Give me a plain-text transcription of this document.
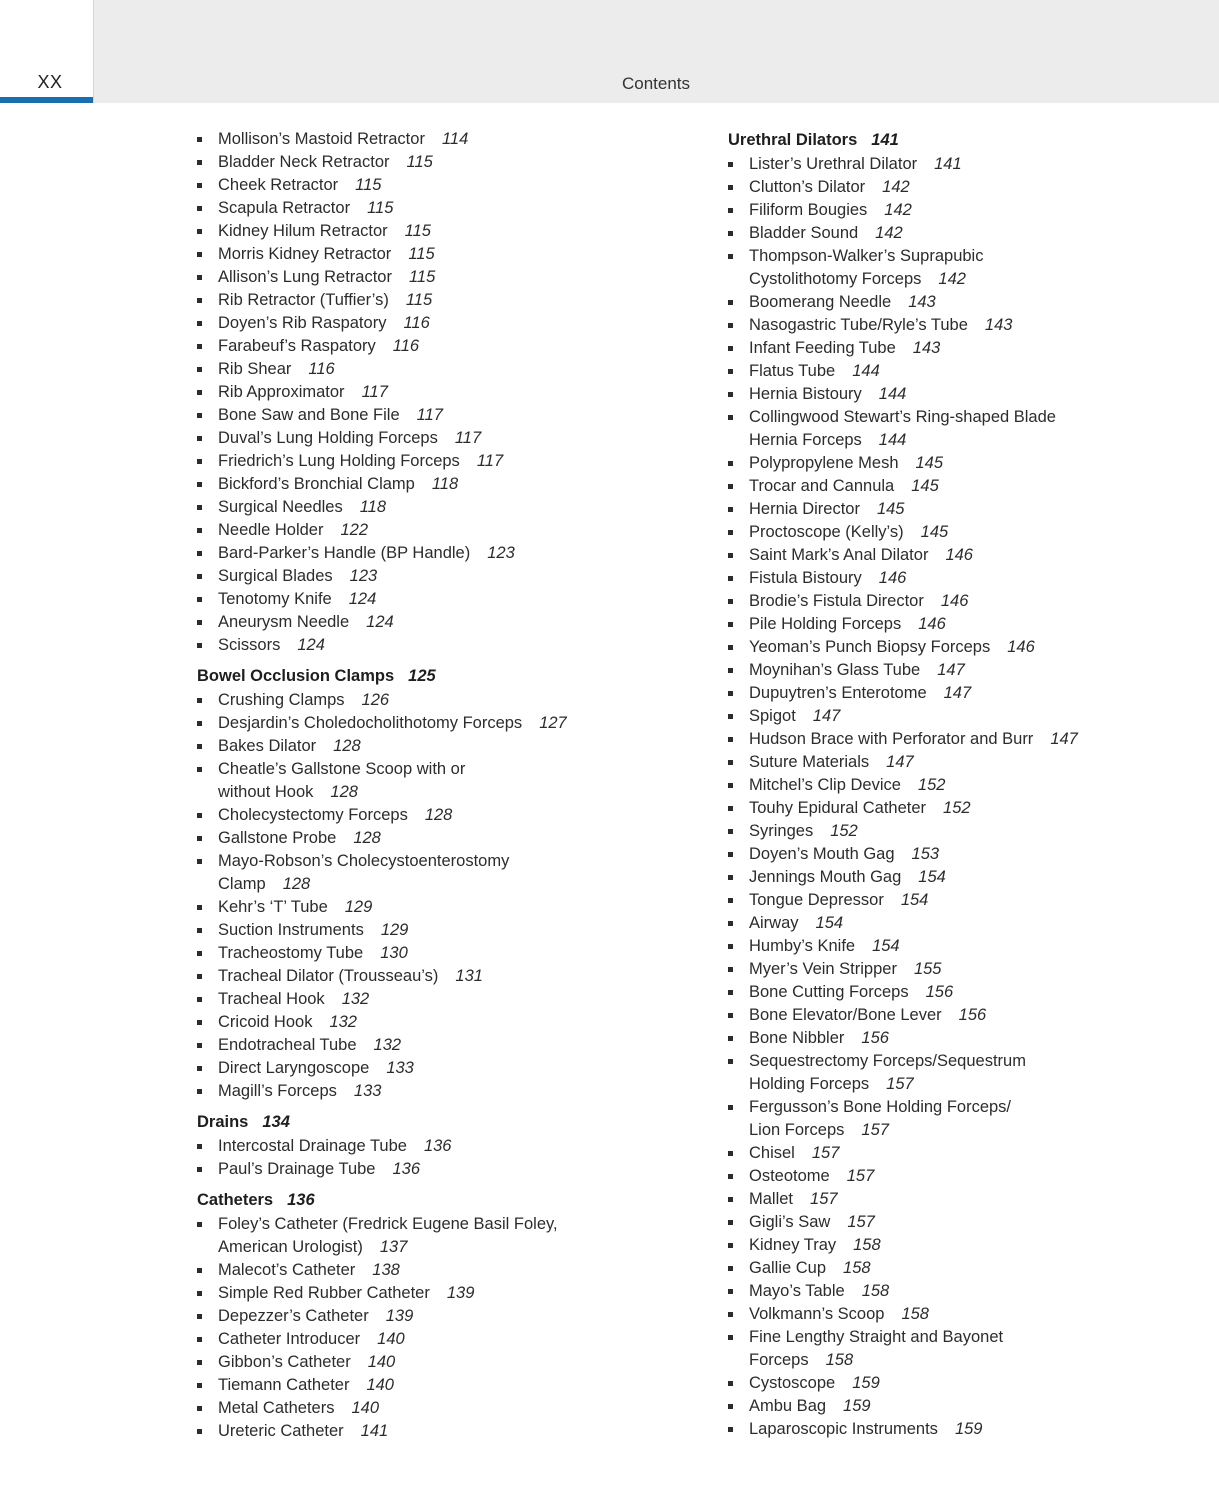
XX	Contents
Mollison’s Mastoid Retractor 114
Bladder Neck Retractor 115
Cheek Retractor 115
Scapula Retractor 115
Kidney Hilum Retractor 115
Morris Kidney Retractor 115
Allison’s Lung Retractor 115
Rib Retractor (Tuffier’s) 115
Doyen’s Rib Raspatory 116
Farabeuf’s Raspatory 116
Rib Shear 116
Rib Approximator 117
Bone Saw and Bone File 117
Duval’s Lung Holding Forceps 117
Friedrich’s Lung Holding Forceps 117
Bickford’s Bronchial Clamp 118
Surgical Needles 118
Needle Holder 122
Bard-Parker’s Handle (BP Handle) 123
Surgical Blades 123
Tenotomy Knife 124
Aneurysm Needle 124
Scissors 124
Bowel Occlusion Clamps 125
Crushing Clamps 126
Desjardin’s Choledocholithotomy Forceps 127
Bakes Dilator 128
Cheatle’s Gallstone Scoop with or
without Hook 128
Cholecystectomy Forceps 128
Gallstone Probe 128
Mayo-Robson’s Cholecystoenterostomy
Clamp 128
Kehr’s ‘T’ Tube 129
Suction Instruments 129
Tracheostomy Tube 130
Tracheal Dilator (Trousseau’s) 131
Tracheal Hook 132
Cricoid Hook 132
Endotracheal Tube 132
Direct Laryngoscope 133
Magill’s Forceps 133
Drains 134
Intercostal Drainage Tube 136
Paul’s Drainage Tube 136
Catheters 136
Foley’s Catheter (Fredrick Eugene Basil Foley,
American Urologist) 137
Malecot’s Catheter 138
Simple Red Rubber Catheter 139
Depezzer’s Catheter 139
Catheter Introducer 140
Gibbon’s Catheter 140
Tiemann Catheter 140
Metal Catheters 140
Ureteric Catheter 141
Urethral Dilators 141
Lister’s Urethral Dilator 141
Clutton’s Dilator 142
Filiform Bougies 142
Bladder Sound 142
Thompson-Walker’s Suprapubic
Cystolithotomy Forceps 142
Boomerang Needle 143
Nasogastric Tube/Ryle’s Tube 143
Infant Feeding Tube 143
Flatus Tube 144
Hernia Bistoury 144
Collingwood Stewart’s Ring-shaped Blade
Hernia Forceps 144
Polypropylene Mesh 145
Trocar and Cannula 145
Hernia Director 145
Proctoscope (Kelly’s) 145
Saint Mark’s Anal Dilator 146
Fistula Bistoury 146
Brodie’s Fistula Director 146
Pile Holding Forceps 146
Yeoman’s Punch Biopsy Forceps 146
Moynihan’s Glass Tube 147
Dupuytren’s Enterotome 147
Spigot 147
Hudson Brace with Perforator and Burr 147
Suture Materials 147
Mitchel’s Clip Device 152
Touhy Epidural Catheter 152
Syringes 152
Doyen’s Mouth Gag 153
Jennings Mouth Gag 154
Tongue Depressor 154
Airway 154
Humby’s Knife 154
Myer’s Vein Stripper 155
Bone Cutting Forceps 156
Bone Elevator/Bone Lever 156
Bone Nibbler 156
Sequestrectomy Forceps/Sequestrum
Holding Forceps 157
Fergusson’s Bone Holding Forceps/
Lion Forceps 157
Chisel 157
Osteotome 157
Mallet 157
Gigli’s Saw 157
Kidney Tray 158
Gallie Cup 158
Mayo’s Table 158
Volkmann’s Scoop 158
Fine Lengthy Straight and Bayonet
Forceps 158
Cystoscope 159
Ambu Bag 159
Laparoscopic Instruments 159
